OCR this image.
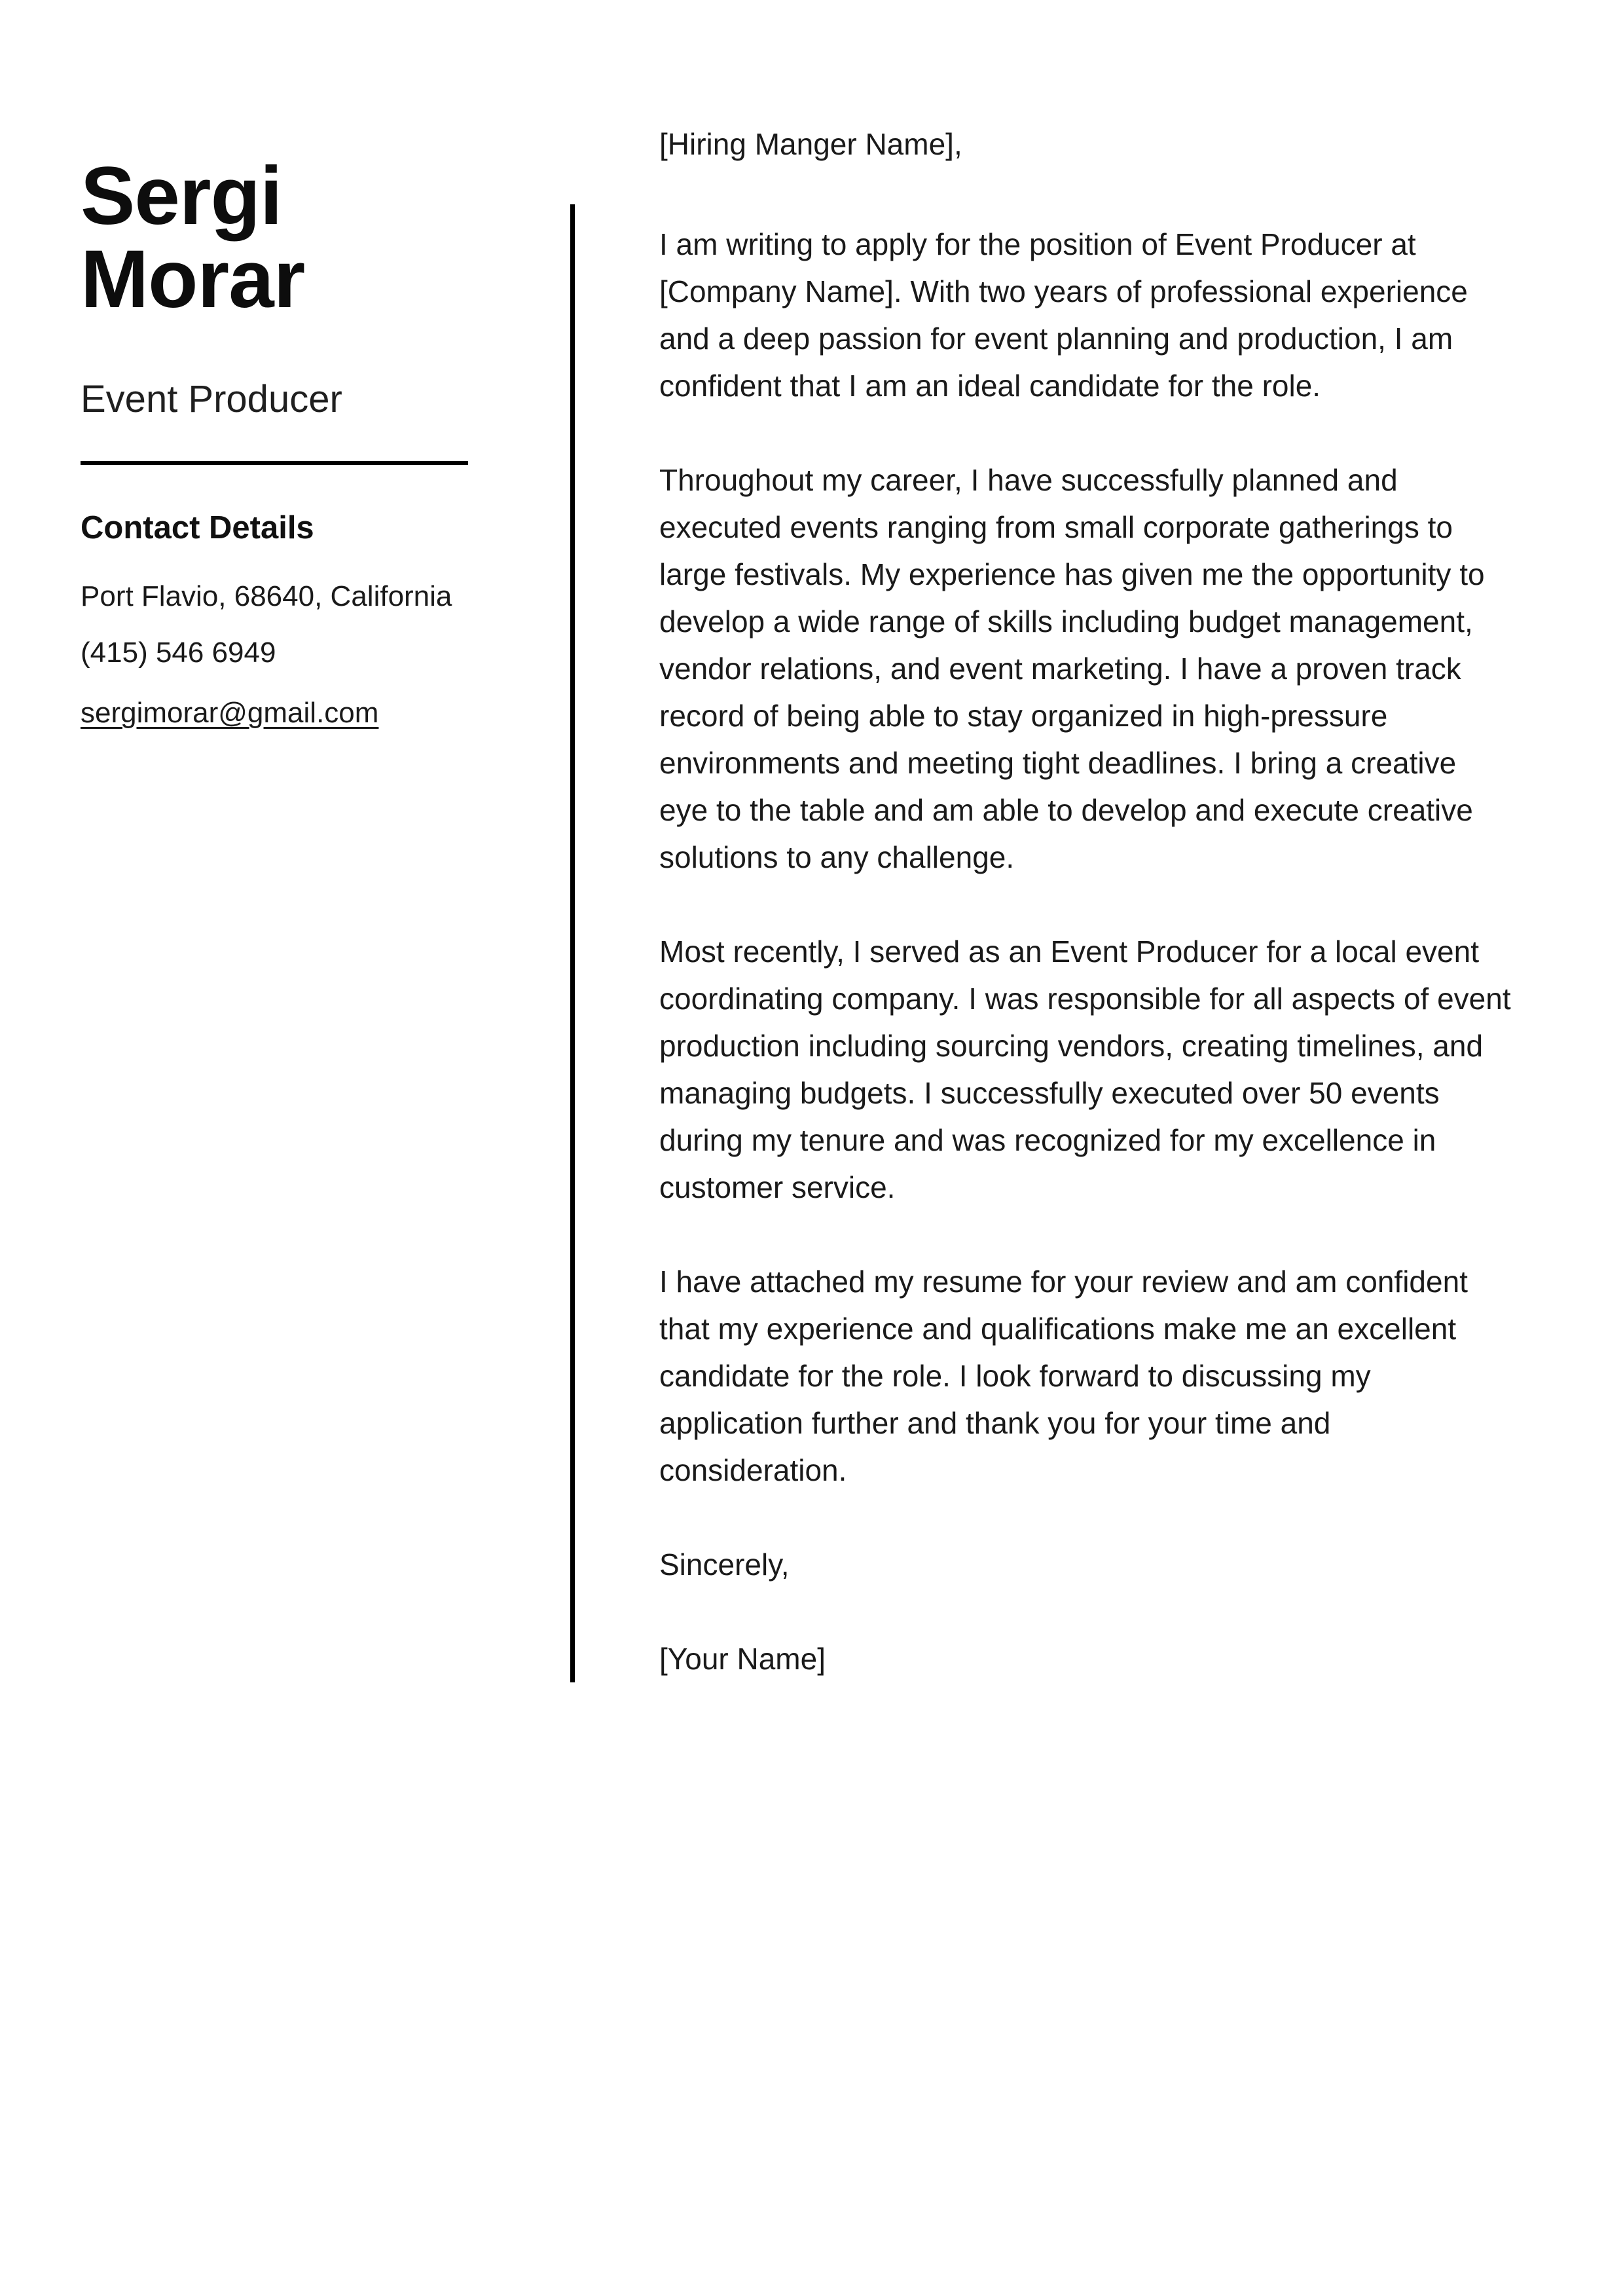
Sergi
Morar
Event Producer
Contact Details
Port Flavio, 68640, California
(415) 546 6949
sergimorar@gmail.com
[Hiring Manger Name],

I am writing to apply for the position of Event Producer at [Company Name]. With two years of professional experience and a deep passion for event planning and production, I am confident that I am an ideal candidate for the role.

Throughout my career, I have successfully planned and executed events ranging from small corporate gatherings to large festivals. My experience has given me the opportunity to develop a wide range of skills including budget management, vendor relations, and event marketing. I have a proven track record of being able to stay organized in high-pressure environments and meeting tight deadlines. I bring a creative eye to the table and am able to develop and execute creative solutions to any challenge.

Most recently, I served as an Event Producer for a local event coordinating company. I was responsible for all aspects of event production including sourcing vendors, creating timelines, and managing budgets. I successfully executed over 50 events during my tenure and was recognized for my excellence in customer service.

I have attached my resume for your review and am confident that my experience and qualifications make me an excellent candidate for the role. I look forward to discussing my application further and thank you for your time and consideration.

Sincerely,

[Your Name]
